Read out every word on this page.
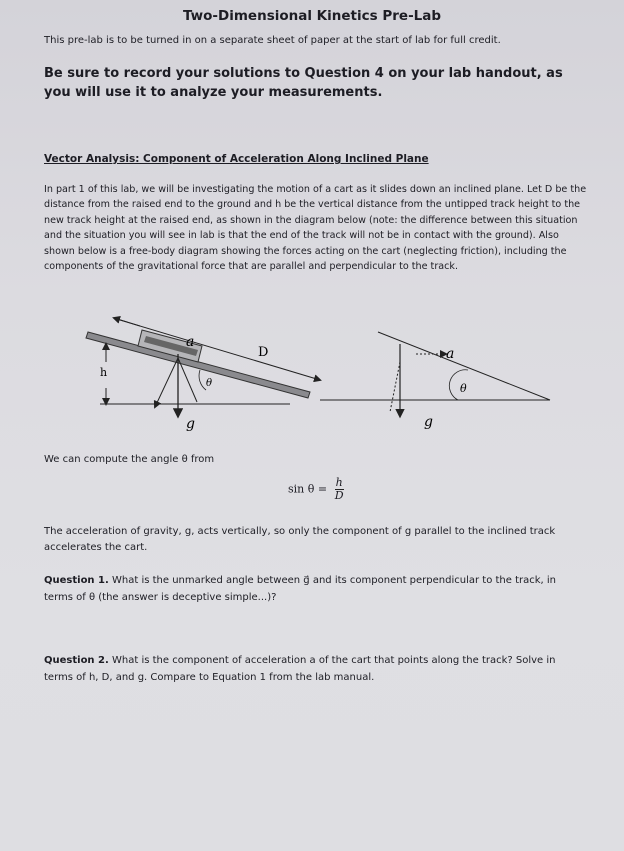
Two-Dimensional Kinetics Pre-Lab
This pre-lab is to be turned in on a separate sheet of paper at the start of lab for full credit.
Be sure to record your solutions to Question 4 on your lab handout, as you will use it to analyze your measurements.
Vector Analysis: Component of Acceleration Along Inclined Plane
In part 1 of this lab, we will be investigating the motion of a cart as it slides down an inclined plane. Let D be the distance from the raised end to the ground and h be the vertical distance from the untipped track height to the new track height at the raised end, as shown in the diagram below (note: the difference between this situation and the situation you will see in lab is that the end of the track will not be in contact with the ground). Also shown below is a free-body diagram showing the forces acting on the cart (neglecting friction), including the components of the gravitational force that are parallel and perpendicular to the track.
h
g
a
D
θ
g
a
θ
We can compute the angle θ from
$\sin \theta = \frac{h}{D}$
The acceleration of gravity, g, acts vertically, so only the component of g parallel to the inclined track accelerates the cart.
Question 1. What is the unmarked angle between g⃗ and its component perpendicular to the track, in terms of θ (the answer is deceptive simple...)?
Question 2. What is the component of acceleration a of the cart that points along the track? Solve in terms of h, D, and g. Compare to Equation 1 from the lab manual.
